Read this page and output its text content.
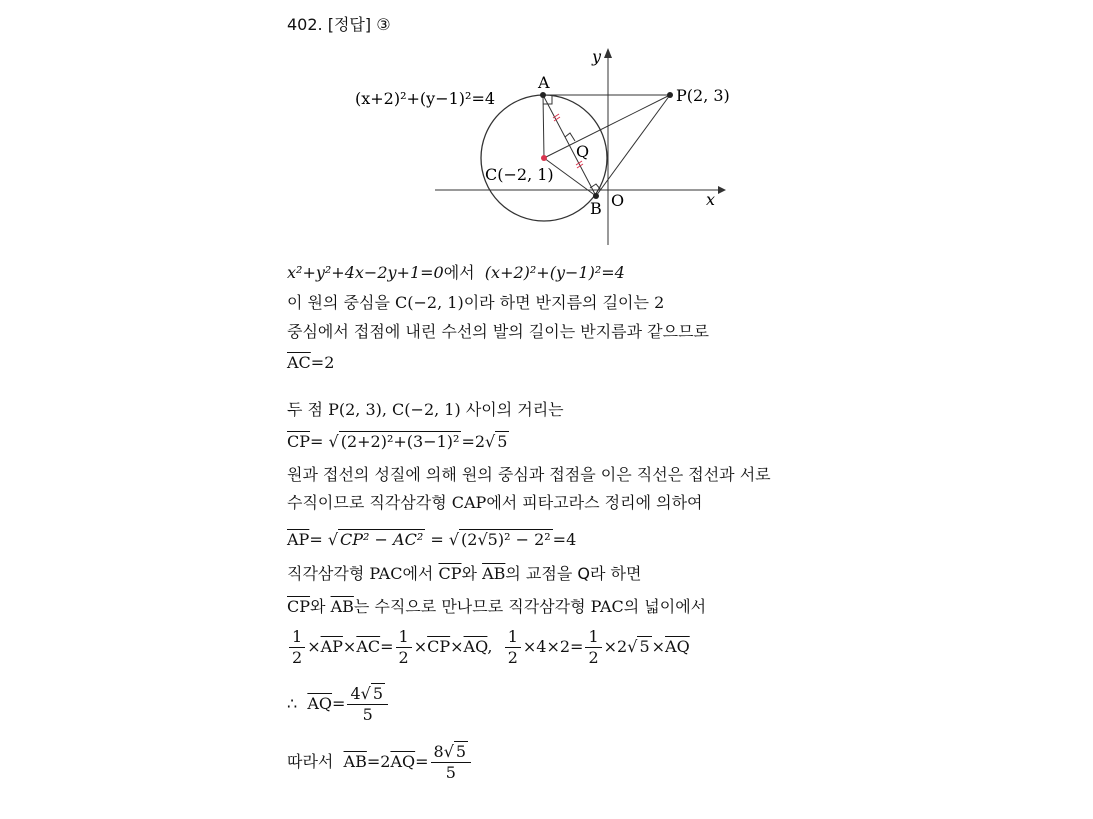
402. [정답] ③
(x+2)²+(y−1)²=4
A
P(2, 3)
Q
C(−2, 1)
B O	x
y
x²+y²+4x−2y+1=0에서 (x+2)²+(y−1)²=4
이 원의 중심을 C(−2, 1)이라 하면 반지름의 길이는 2
중심에서 접점에 내린 수선의 발의 길이는 반지름과 같으므로
$\overline{AC}=2$
두 점 P(2, 3), C(−2, 1) 사이의 거리는
$\overline{CP}=$ √ (2+2)²+(3−1)² =2√ 5
원과 접선의 성질에 의해 원의 중심과 접점을 이은 직선은 접선과 서로
수직이므로 직각삼각형 CAP에서 피타고라스 정리에 의하여
$\overline{AP}=$ √ CP² − AC² = √ (2√5)² − 2² =4
직각삼각형 PAC에서 $\overline{CP}$와 $\overline{AB}$의 교점을 Q라 하면
$\overline{CP}$와 $\overline{AB}$는 수직으로 만나므로 직각삼각형 PAC의 넓이에서
$\frac{1}{2} \times\overline{AP}\times\overline{AC}= \frac{1}{2} \times\overline{CP}\times\overline{AQ}$, $\frac{1}{2} \times 4\times 2= \frac{1}{2} \times 2√$ $5 \times\overline{AQ}$
∴ $\overline{AQ}= \frac{4√ 5}{5}$
따라서 $\overline{AB}=2\overline{AQ}= \frac{8√ 5}{5}$
